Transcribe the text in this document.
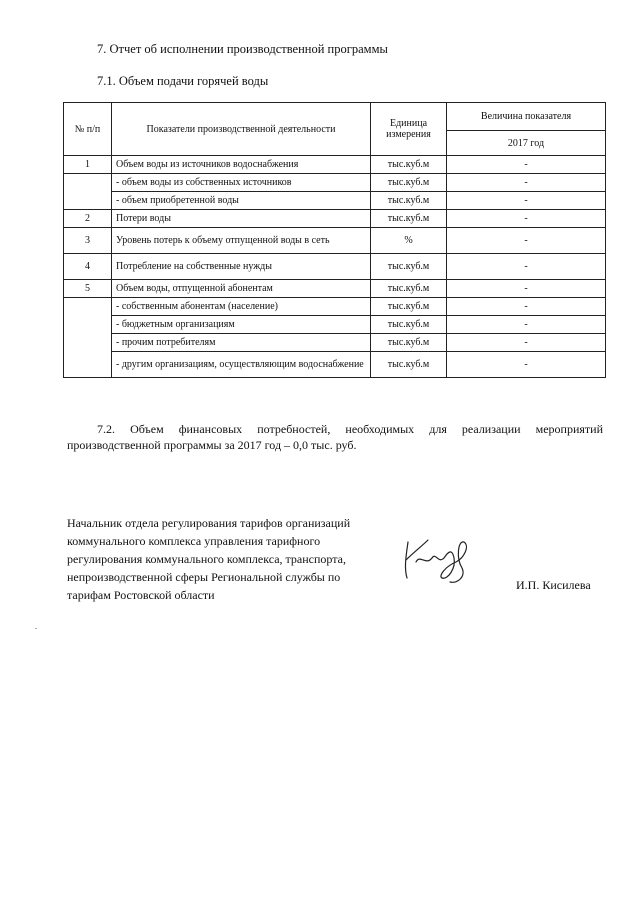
7. Отчет об исполнении производственной программы
7.1. Объем подачи горячей воды
№ п/п	Показатели производственной деятельности	Единица измерения	Величина показателя
			2017 год
1	Объем воды из источников водоснабжения	тыс.куб.м	-
	- объем воды из собственных источников	тыс.куб.м	-
	- объем приобретенной воды	тыс.куб.м	-
2	Потери воды	тыс.куб.м	-
3	Уровень потерь к объему отпущенной воды в сеть	%	-
4	Потребление на собственные нужды	тыс.куб.м	-
5	Объем воды, отпущенной абонентам	тыс.куб.м	-
	- собственным абонентам (население)	тыс.куб.м	-
	- бюджетным организациям	тыс.куб.м	-
	- прочим потребителям	тыс.куб.м	-
	- другим организациям, осуществляющим водоснабжение	тыс.куб.м	-
7.2. Объем финансовых потребностей, необходимых для реализации мероприятий производственной программы за 2017 год – 0,0 тыс. руб.
Начальник отдела регулирования тарифов организаций коммунального комплекса управления тарифного регулирования коммунального комплекса, транспорта, непроизводственной сферы Региональной службы по тарифам Ростовской области
И.П. Кисилева
